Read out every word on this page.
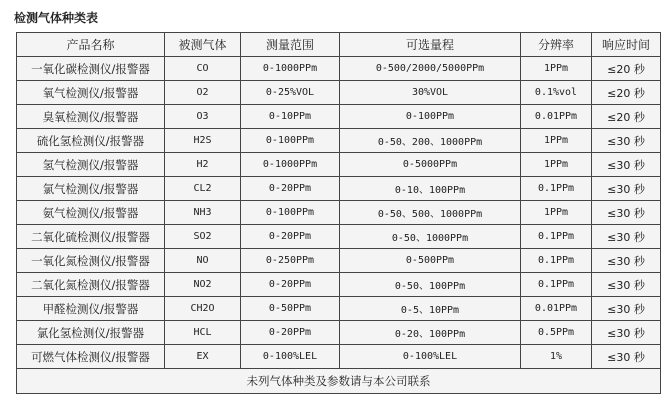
检测气体种类表
产品名称	被测气体	测量范围	可选量程	分辨率	响应时间
一氧化碳检测仪/报警器	CO	0-1000PPm	0-500/2000/5000PPm	1PPm	≤20 秒
氧气检测仪/报警器	O2	0-25%VOL	30%VOL	0.1%vol	≤20 秒
臭氧检测仪/报警器	O3	0-10PPm	0-100PPm	0.01PPm	≤20 秒
硫化氢检测仪/报警器	H2S	0-100PPm	0-50、200、1000PPm	1PPm	≤30 秒
氢气检测仪/报警器	H2	0-1000PPm	0-5000PPm	1PPm	≤30 秒
氯气检测仪/报警器	CL2	0-20PPm	0-10、100PPm	0.1PPm	≤30 秒
氨气检测仪/报警器	NH3	0-100PPm	0-50、500、1000PPm	1PPm	≤30 秒
二氧化硫检测仪/报警器	SO2	0-20PPm	0-50、1000PPm	0.1PPm	≤30 秒
一氧化氮检测仪/报警器	NO	0-250PPm	0-500PPm	0.1PPm	≤30 秒
二氧化氮检测仪/报警器	NO2	0-20PPm	0-50、100PPm	0.1PPm	≤30 秒
甲醛检测仪/报警器	CH2O	0-50PPm	0-5、10PPm	0.01PPm	≤30 秒
氯化氢检测仪/报警器	HCL	0-20PPm	0-20、100PPm	0.5PPm	≤30 秒
可燃气体检测仪/报警器	EX	0-100%LEL	0-100%LEL	1%	≤30 秒
未列气体种类及参数请与本公司联系					
